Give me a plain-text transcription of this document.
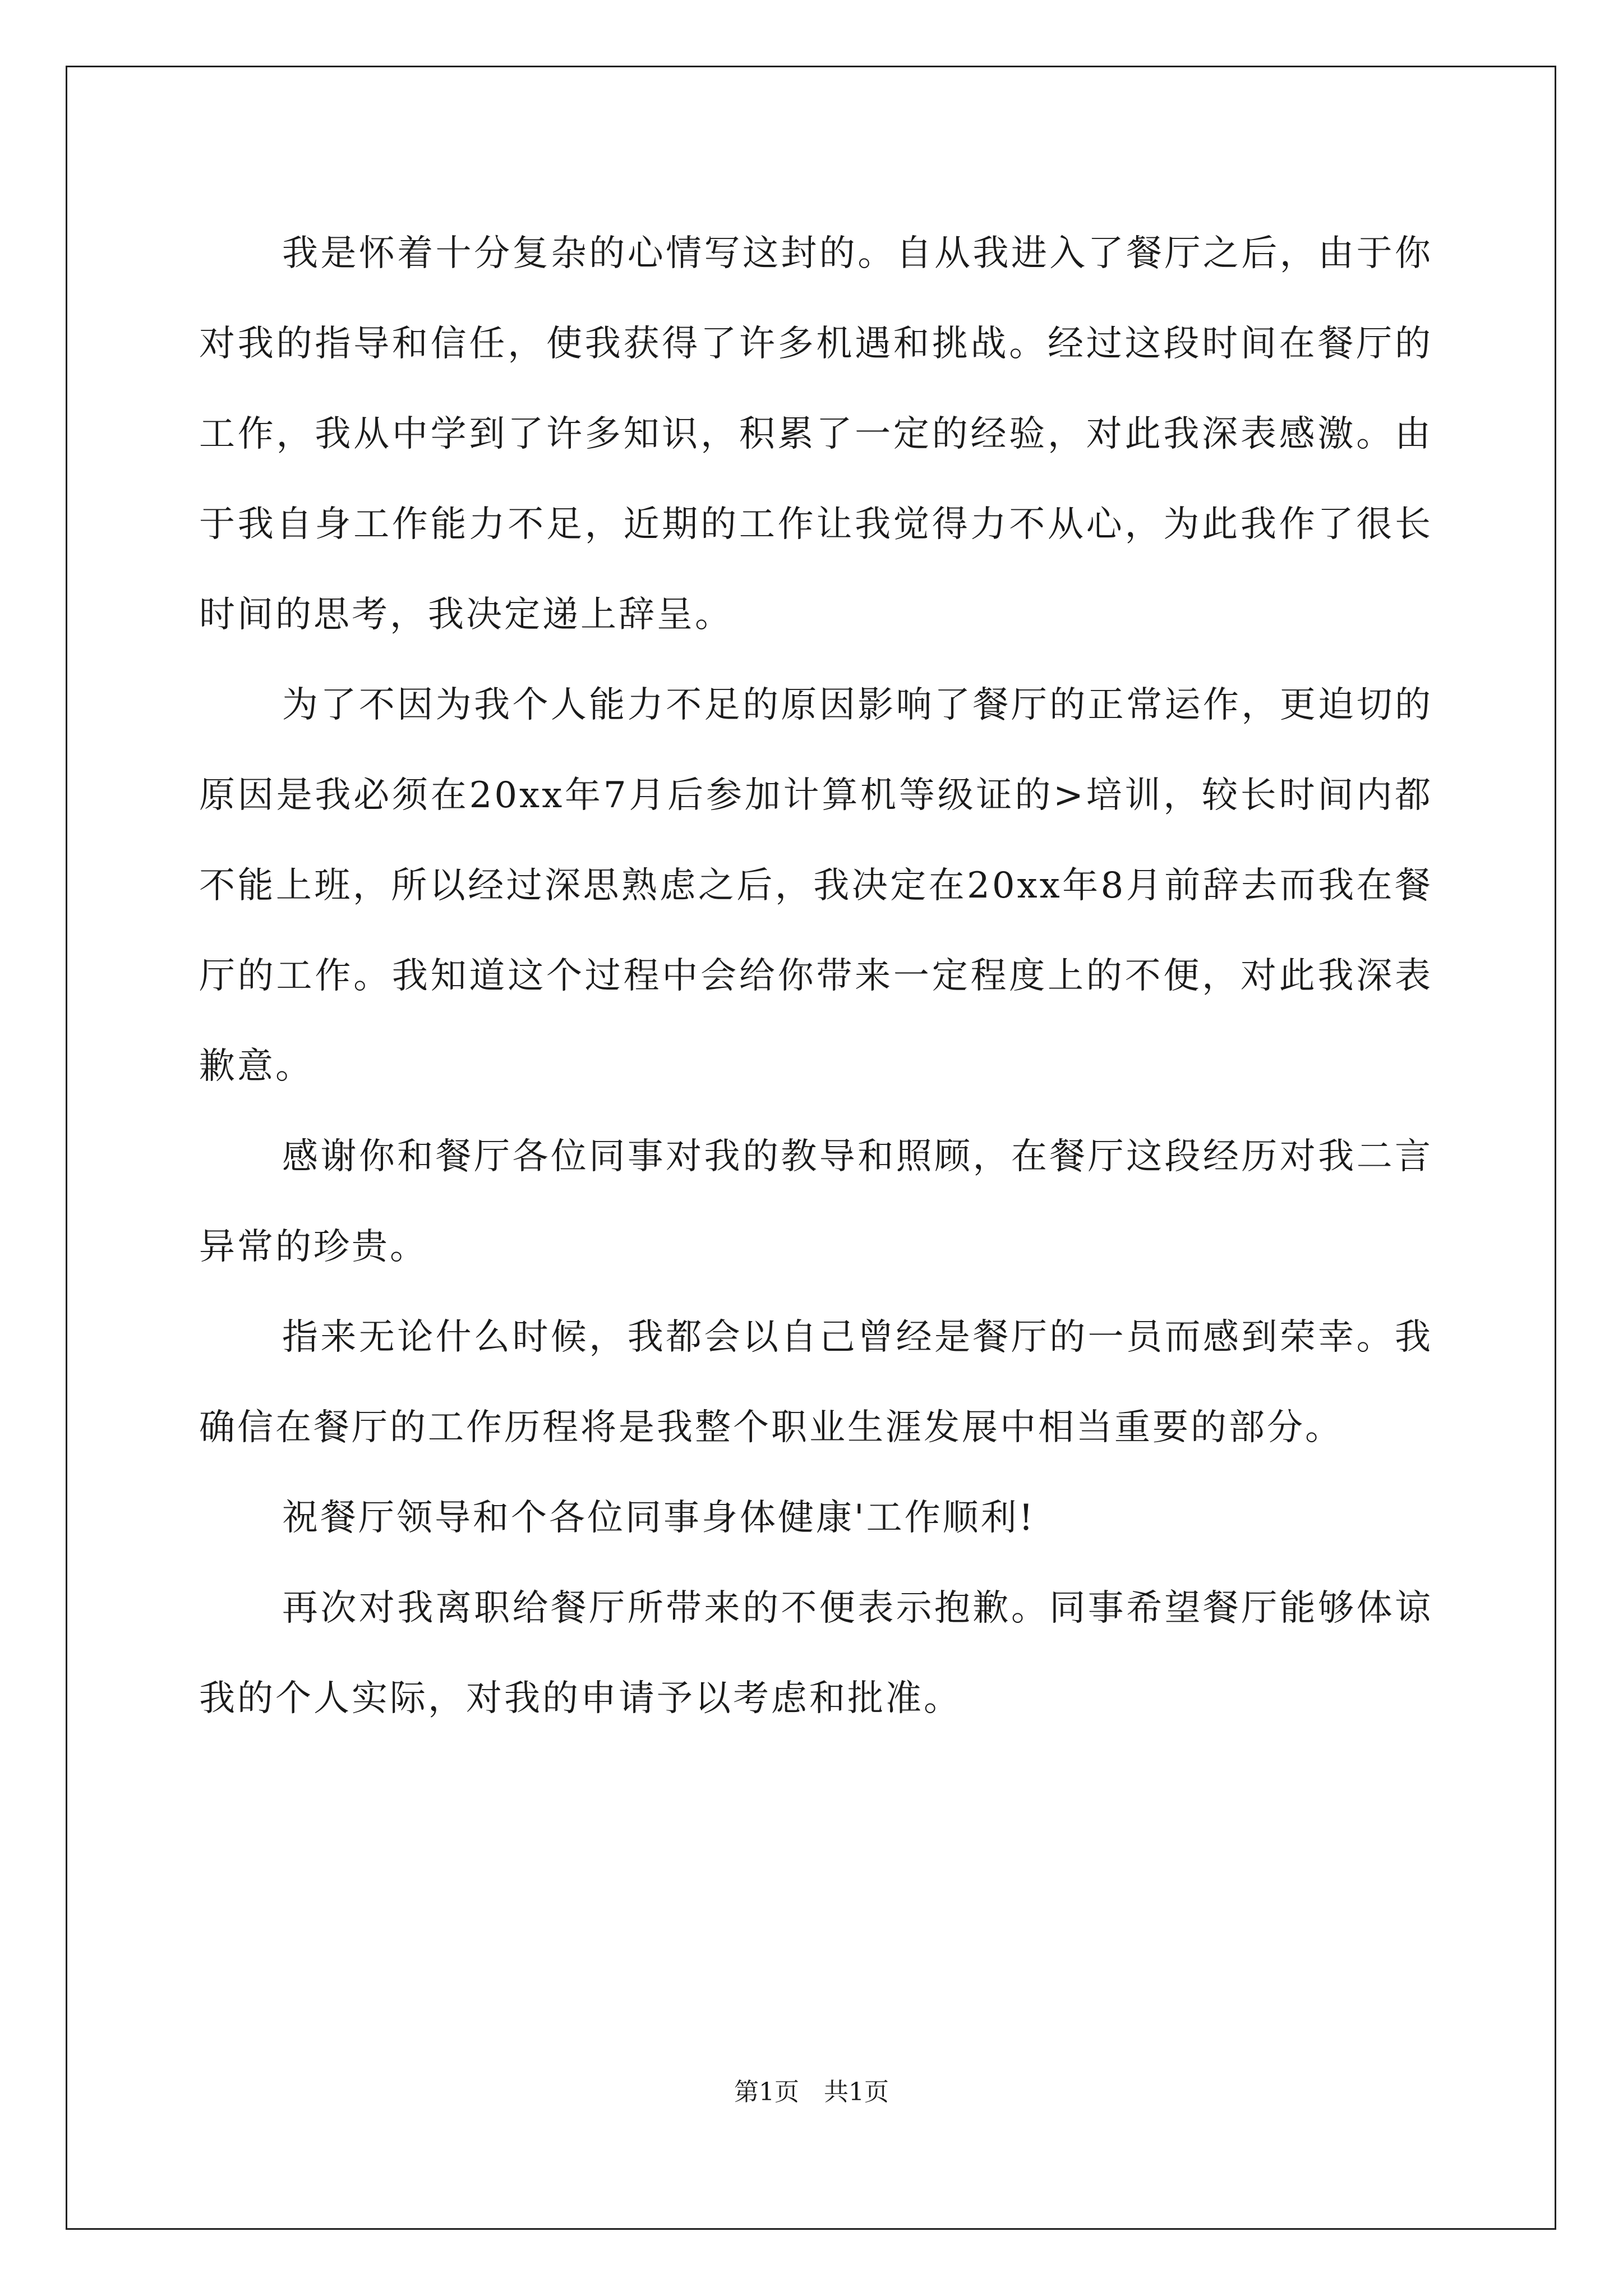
我是怀着十分复杂的心情写这封的。自从我进入了餐厅之后，由于你对我的指导和信任，使我获得了许多机遇和挑战。经过这段时间在餐厅的工作，我从中学到了许多知识，积累了一定的经验，对此我深表感激。由于我自身工作能力不足，近期的工作让我觉得力不从心，为此我作了很长时间的思考，我决定递上辞呈。

为了不因为我个人能力不足的原因影响了餐厅的正常运作，更迫切的原因是我必须在20xx年7月后参加计算机等级证的>培训，较长时间内都不能上班，所以经过深思熟虑之后，我决定在20xx年8月前辞去而我在餐厅的工作。我知道这个过程中会给你带来一定程度上的不便，对此我深表歉意。

感谢你和餐厅各位同事对我的教导和照顾，在餐厅这段经历对我二言异常的珍贵。

指来无论什么时候，我都会以自己曾经是餐厅的一员而感到荣幸。我确信在餐厅的工作历程将是我整个职业生涯发展中相当重要的部分。

祝餐厅领导和个各位同事身体健康'工作顺利!

再次对我离职给餐厅所带来的不便表示抱歉。同事希望餐厅能够体谅我的个人实际，对我的申请予以考虑和批准。

第1页　共1页
